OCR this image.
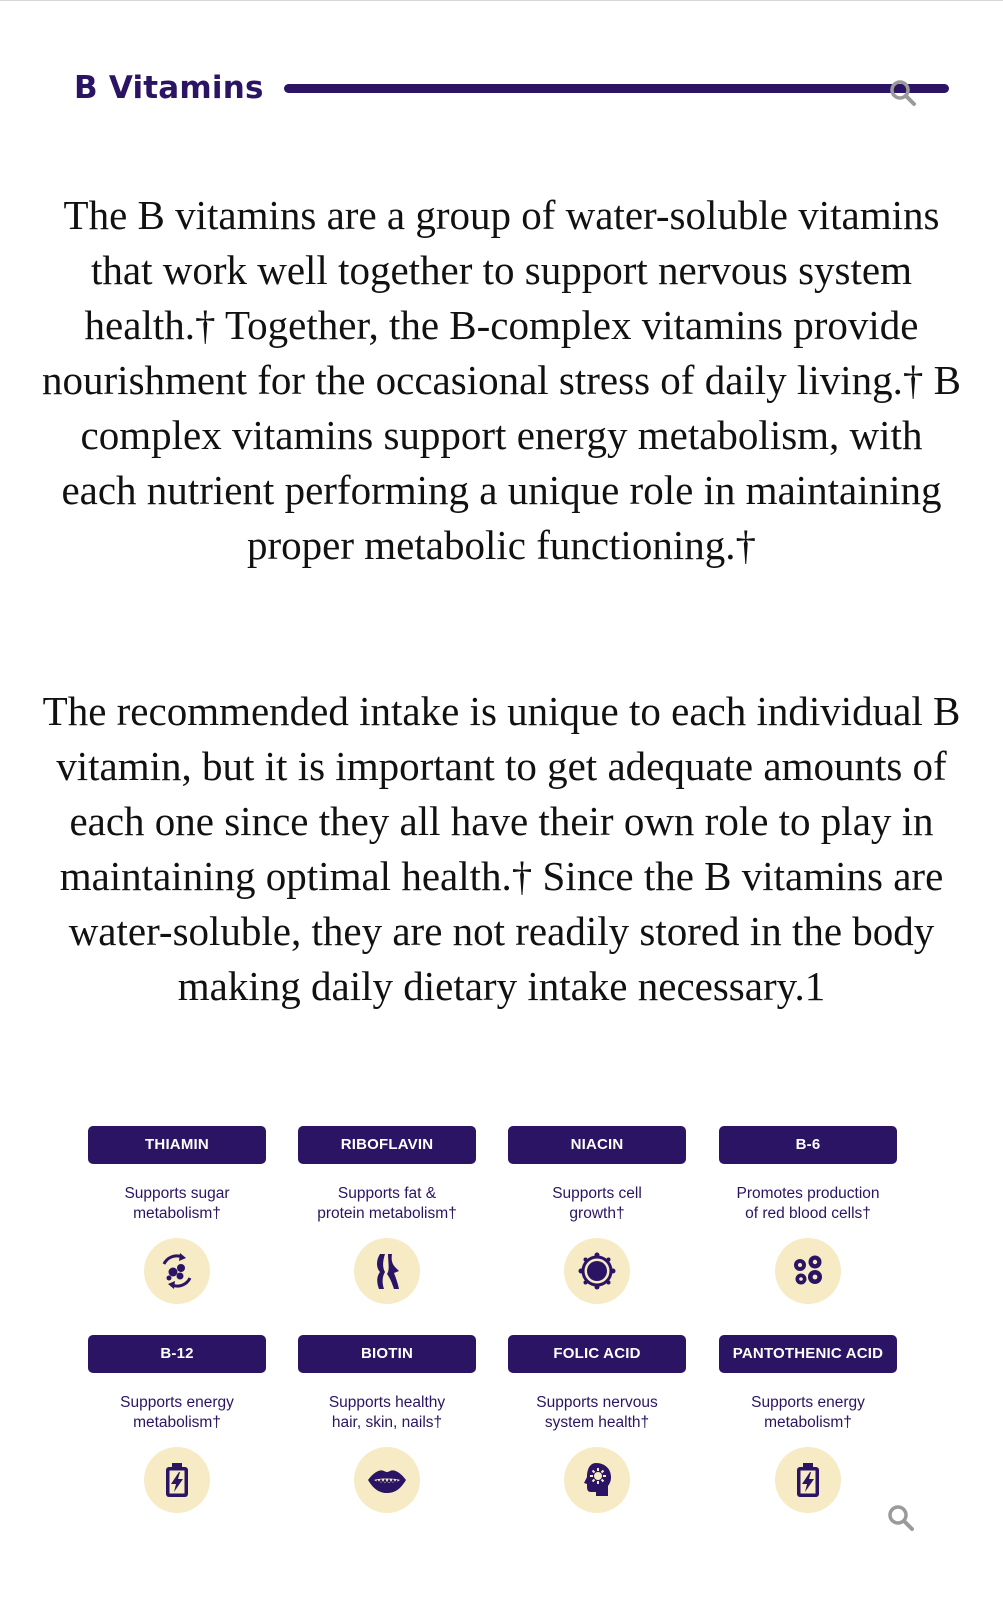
B Vitamins

The B vitamins are a group of water-soluble vitamins that work well together to support nervous system health.† Together, the B-complex vitamins provide nourishment for the occasional stress of daily living.† B complex vitamins support energy metabolism, with each nutrient performing a unique role in maintaining proper metabolic functioning.†

The recommended intake is unique to each individual B vitamin, but it is important to get adequate amounts of each one since they all have their own role to play in maintaining optimal health.† Since the B vitamins are water-soluble, they are not readily stored in the body making daily dietary intake necessary.1

THIAMIN
Supports sugar
metabolism†
RIBOFLAVIN
Supports fat &
protein metabolism†
NIACIN
Supports cell
growth†
B-6
Promotes production
of red blood cells†
B-12
Supports energy
metabolism†
BIOTIN
Supports healthy
hair, skin, nails†
FOLIC ACID
Supports nervous
system health†
PANTOTHENIC ACID
Supports energy
metabolism†
